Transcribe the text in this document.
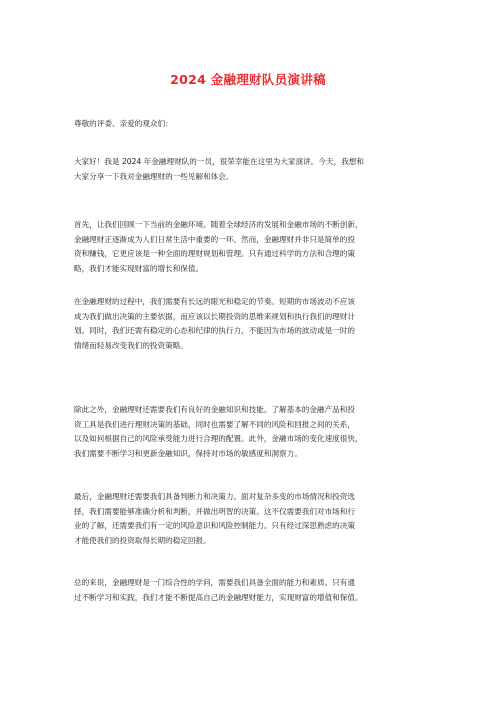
2024 金融理财队员演讲稿

尊敬的评委、亲爱的观众们：

大家好！我是 2024 年金融理财队的一员，很荣幸能在这里为大家演讲。今天，我想和
大家分享一下我对金融理财的一些见解和体会。

首先，让我们回顾一下当前的金融环境。随着全球经济的发展和金融市场的不断创新，
金融理财正逐渐成为人们日常生活中重要的一环。然而，金融理财并非只是简单的投
资和赚钱，它更应该是一种全面的理财规划和管理。只有通过科学的方法和合理的策
略，我们才能实现财富的增长和保值。

在金融理财的过程中，我们需要有长远的眼光和稳定的节奏。短期的市场波动不应该
成为我们做出决策的主要依据，而应该以长期投资的思维来规划和执行我们的理财计
划。同时，我们还需有稳定的心态和纪律的执行力，不能因为市场的波动或是一时的
情绪而轻易改变我们的投资策略。

除此之外，金融理财还需要我们有良好的金融知识和技能。了解基本的金融产品和投
资工具是我们进行理财决策的基础，同时也需要了解不同的风险和回报之间的关系，
以及如何根据自己的风险承受能力进行合理的配置。此外，金融市场的变化速度很快，
我们需要不断学习和更新金融知识，保持对市场的敏感度和洞察力。

最后，金融理财还需要我们具备判断力和决策力。面对复杂多变的市场情况和投资选
择，我们需要能够准确分析和判断，并做出明智的决策。这不仅需要我们对市场和行
业的了解，还需要我们有一定的风险意识和风险控制能力。只有经过深思熟虑的决策
才能使我们的投资取得长期的稳定回报。

总的来说，金融理财是一门综合性的学问，需要我们具备全面的能力和素质。只有通
过不断学习和实践，我们才能不断提高自己的金融理财能力，实现财富的增值和保值。
